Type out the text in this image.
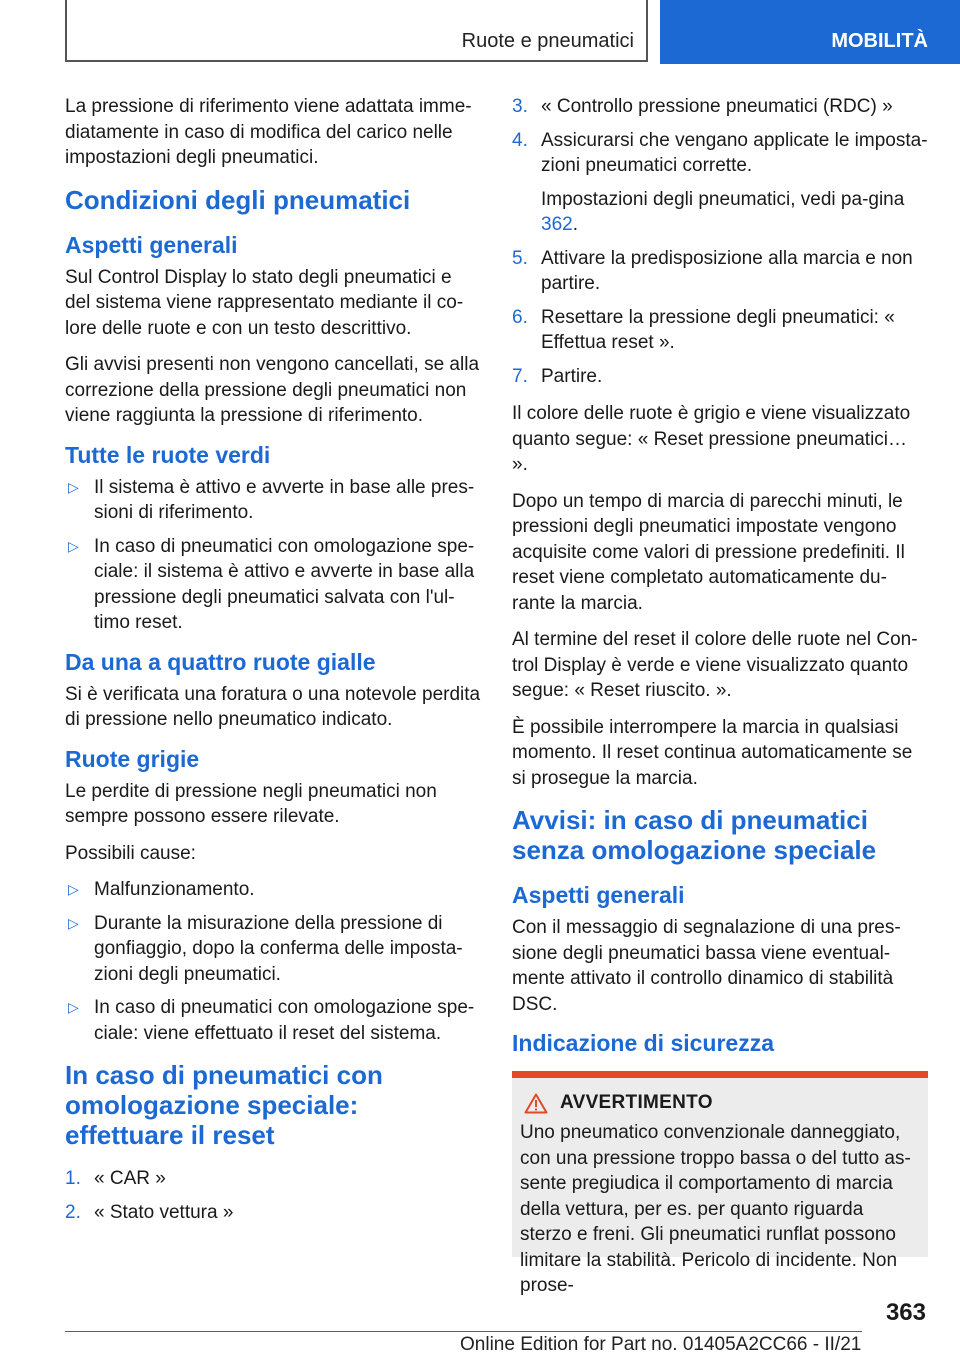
Ruote e pneumatici	MOBILITÀ

La pressione di riferimento viene adattata imme-diatamente in caso di modifica del carico nelle impostazioni degli pneumatici.

Condizioni degli pneumatici
Aspetti generali

Sul Control Display lo stato degli pneumatici e del sistema viene rappresentato mediante il co-lore delle ruote e con un testo descrittivo.

Gli avvisi presenti non vengono cancellati, se alla correzione della pressione degli pneumatici non viene raggiunta la pressione di riferimento.

Tutte le ruote verdi
▷ Il sistema è attivo e avverte in base alle pres-sioni di riferimento.
▷ In caso di pneumatici con omologazione spe-ciale: il sistema è attivo e avverte in base alla pressione degli pneumatici salvata con l'ul-timo reset.
Da una a quattro ruote gialle

Si è verificata una foratura o una notevole perdita di pressione nello pneumatico indicato.

Ruote grigie

Le perdite di pressione negli pneumatici non sempre possono essere rilevate.

Possibili cause:

▷ Malfunzionamento.
▷ Durante la misurazione della pressione di gonfiaggio, dopo la conferma delle imposta-zioni degli pneumatici.
▷ In caso di pneumatici con omologazione spe-ciale: viene effettuato il reset del sistema.
In caso di pneumatici con omologazione speciale: effettuare il reset
1. « CAR »
2. « Stato vettura »
3. « Controllo pressione pneumatici (RDC) »
4. Assicurarsi che vengano applicate le imposta-zioni pneumatici corrette.
Impostazioni degli pneumatici, vedi pa-gina 362.
5. Attivare la predisposizione alla marcia e non partire.
6. Resettare la pressione degli pneumatici: « Effettua reset ».
7. Partire.

Il colore delle ruote è grigio e viene visualizzato quanto segue: « Reset pressione pneumatici… ».

Dopo un tempo di marcia di parecchi minuti, le pressioni degli pneumatici impostate vengono acquisite come valori di pressione predefiniti. Il reset viene completato automaticamente du-rante la marcia.

Al termine del reset il colore delle ruote nel Con-trol Display è verde e viene visualizzato quanto segue: « Reset riuscito. ».

È possibile interrompere la marcia in qualsiasi momento. Il reset continua automaticamente se si prosegue la marcia.

Avvisi: in caso di pneumatici senza omologazione speciale
Aspetti generali

Con il messaggio di segnalazione di una pres-sione degli pneumatici bassa viene eventual-mente attivato il controllo dinamico di stabilità DSC.

Indicazione di sicurezza
AVVERTIMENTO

Uno pneumatico convenzionale danneggiato, con una pressione troppo bassa o del tutto as-sente pregiudica il comportamento di marcia della vettura, per es. per quanto riguarda sterzo e freni. Gli pneumatici runflat possono limitare la stabilità. Pericolo di incidente. Non prose-

363
Online Edition for Part no. 01405A2CC66 - II/21
